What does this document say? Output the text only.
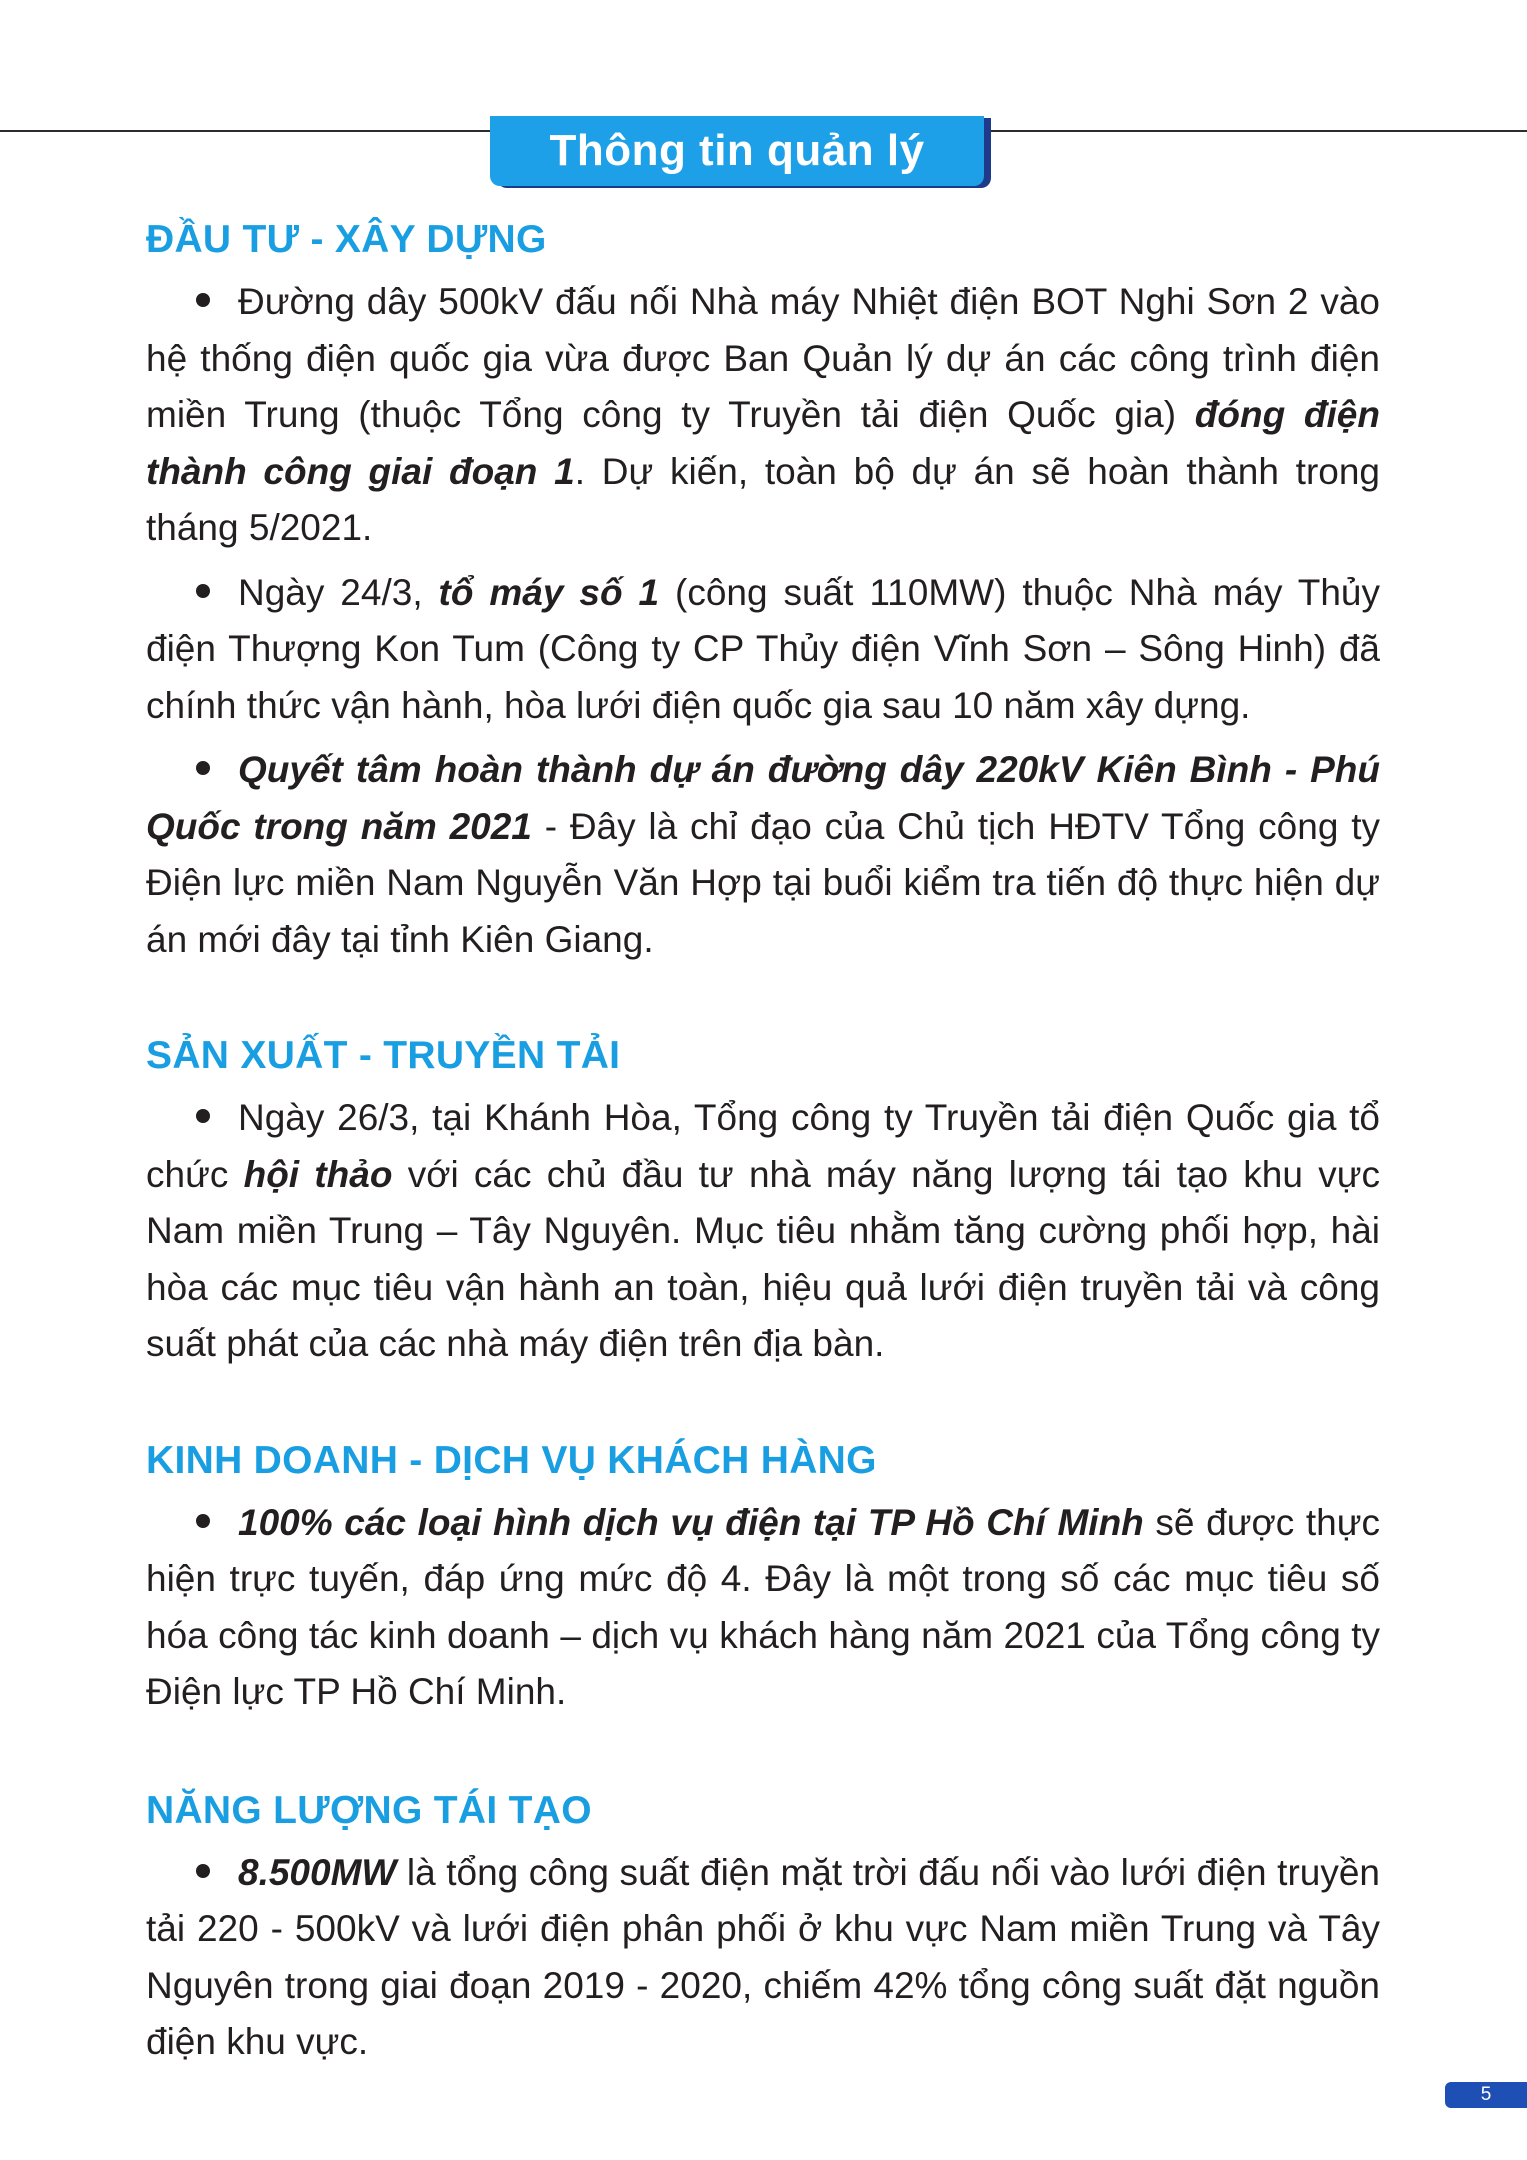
Thông tin quản lý
ĐẦU TƯ - XÂY DỰNG

Đường dây 500kV đấu nối Nhà máy Nhiệt điện BOT Nghi Sơn 2 vào hệ thống điện quốc gia vừa được Ban Quản lý dự án các công trình điện miền Trung (thuộc Tổng công ty Truyền tải điện Quốc gia) đóng điện thành công giai đoạn 1. Dự kiến, toàn bộ dự án sẽ hoàn thành trong tháng 5/2021.

Ngày 24/3, tổ máy số 1 (công suất 110MW) thuộc Nhà máy Thủy điện Thượng Kon Tum (Công ty CP Thủy điện Vĩnh Sơn – Sông Hinh) đã chính thức vận hành, hòa lưới điện quốc gia sau 10 năm xây dựng.

Quyết tâm hoàn thành dự án đường dây 220kV Kiên Bình - Phú Quốc trong năm 2021 - Đây là chỉ đạo của Chủ tịch HĐTV Tổng công ty Điện lực miền Nam Nguyễn Văn Hợp tại buổi kiểm tra tiến độ thực hiện dự án mới đây tại tỉnh Kiên Giang.

SẢN XUẤT - TRUYỀN TẢI

Ngày 26/3, tại Khánh Hòa, Tổng công ty Truyền tải điện Quốc gia tổ chức hội thảo với các chủ đầu tư nhà máy năng lượng tái tạo khu vực Nam miền Trung – Tây Nguyên. Mục tiêu nhằm tăng cường phối hợp, hài hòa các mục tiêu vận hành an toàn, hiệu quả lưới điện truyền tải và công suất phát của các nhà máy điện trên địa bàn.

KINH DOANH - DỊCH VỤ KHÁCH HÀNG

100% các loại hình dịch vụ điện tại TP Hồ Chí Minh sẽ được thực hiện trực tuyến, đáp ứng mức độ 4. Đây là một trong số các mục tiêu số hóa công tác kinh doanh – dịch vụ khách hàng năm 2021 của Tổng công ty Điện lực TP Hồ Chí Minh.

NĂNG LƯỢNG TÁI TẠO

8.500MW là tổng công suất điện mặt trời đấu nối vào lưới điện truyền tải 220 - 500kV và lưới điện phân phối ở khu vực Nam miền Trung và Tây Nguyên trong giai đoạn 2019 - 2020, chiếm 42% tổng công suất đặt nguồn điện khu vực.

5
